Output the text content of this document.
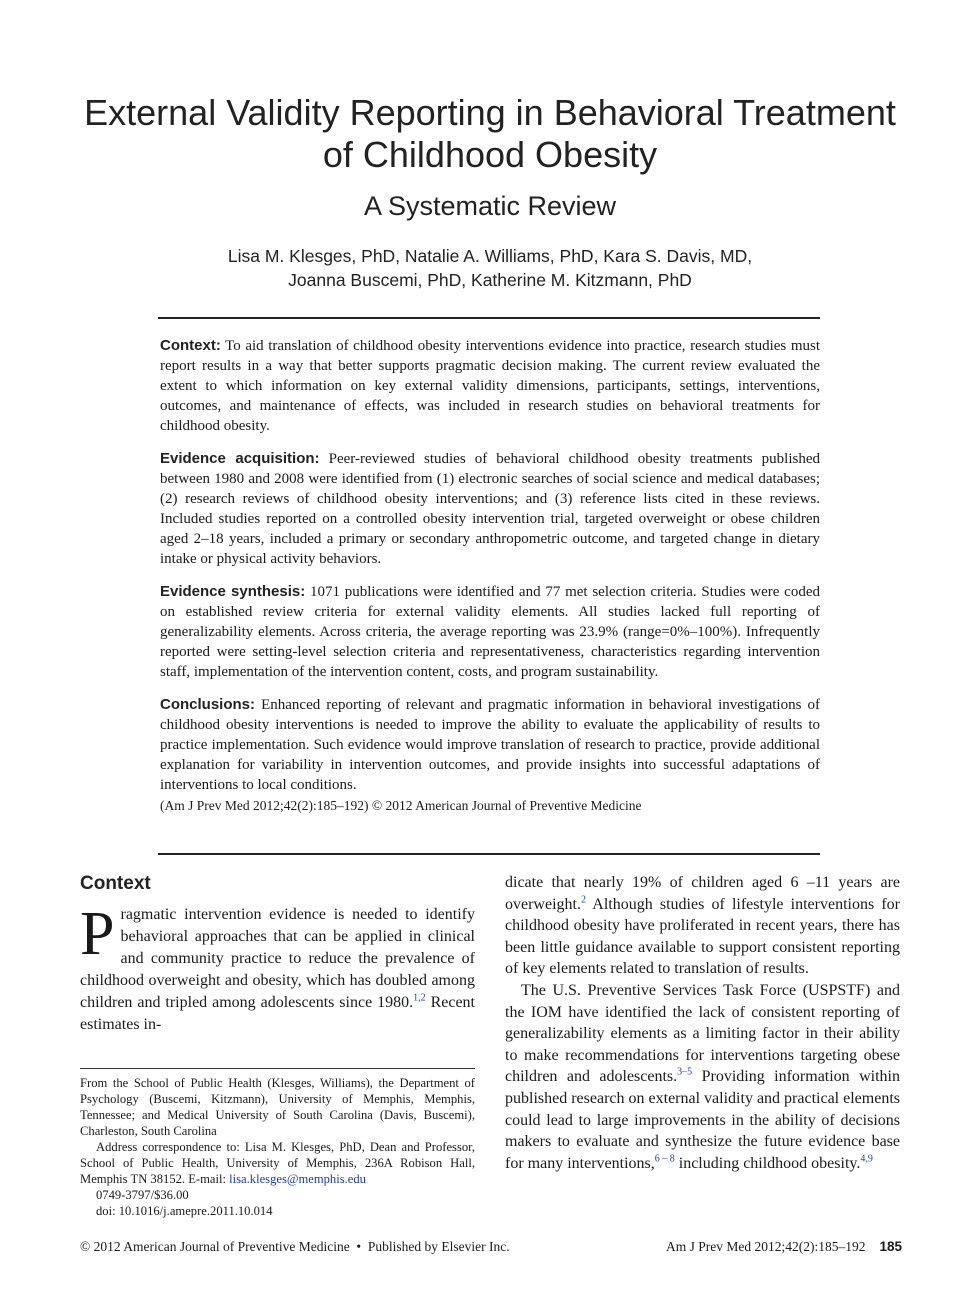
External Validity Reporting in Behavioral Treatment of Childhood Obesity
A Systematic Review
Lisa M. Klesges, PhD, Natalie A. Williams, PhD, Kara S. Davis, MD,
Joanna Buscemi, PhD, Katherine M. Kitzmann, PhD

Context: To aid translation of childhood obesity interventions evidence into practice, research studies must report results in a way that better supports pragmatic decision making. The current review evaluated the extent to which information on key external validity dimensions, participants, settings, interventions, outcomes, and maintenance of effects, was included in research studies on behavioral treatments for childhood obesity.

Evidence acquisition: Peer-reviewed studies of behavioral childhood obesity treatments published between 1980 and 2008 were identified from (1) electronic searches of social science and medical databases; (2) research reviews of childhood obesity interventions; and (3) reference lists cited in these reviews. Included studies reported on a controlled obesity intervention trial, targeted overweight or obese children aged 2–18 years, included a primary or secondary anthropometric outcome, and targeted change in dietary intake or physical activity behaviors.

Evidence synthesis: 1071 publications were identified and 77 met selection criteria. Studies were coded on established review criteria for external validity elements. All studies lacked full reporting of generalizability elements. Across criteria, the average reporting was 23.9% (range=0%–100%). Infrequently reported were setting-level selection criteria and representativeness, characteristics regarding intervention staff, implementation of the intervention content, costs, and program sustainability.

Conclusions: Enhanced reporting of relevant and pragmatic information in behavioral investigations of childhood obesity interventions is needed to improve the ability to evaluate the applicability of results to practice implementation. Such evidence would improve translation of research to practice, provide additional explanation for variability in intervention outcomes, and provide insights into successful adaptations of interventions to local conditions.

(Am J Prev Med 2012;42(2):185–192) © 2012 American Journal of Preventive Medicine
Context

Pragmatic intervention evidence is needed to identify behavioral approaches that can be applied in clinical and community practice to reduce the prevalence of childhood overweight and obesity, which has doubled among children and tripled among adolescents since 1980.$^{1,2}$ Recent estimates in-

From the School of Public Health (Klesges, Williams), the Department of Psychology (Buscemi, Kitzmann), University of Memphis, Memphis, Tennessee; and Medical University of South Carolina (Davis, Buscemi), Charleston, South Carolina

Address correspondence to: Lisa M. Klesges, PhD, Dean and Professor, School of Public Health, University of Memphis, 236A Robison Hall, Memphis TN 38152. E-mail: lisa.klesges@memphis.edu

0749-3797/$36.00

doi: 10.1016/j.amepre.2011.10.014

dicate that nearly 19% of children aged 6 –11 years are overweight.$^2$ Although studies of lifestyle interventions for childhood obesity have proliferated in recent years, there has been little guidance available to support consistent reporting of key elements related to translation of results.

The U.S. Preventive Services Task Force (USPSTF) and the IOM have identified the lack of consistent reporting of generalizability elements as a limiting factor in their ability to make recommendations for interventions targeting obese children and adolescents.$^{3-5}$ Providing information within published research on external validity and practical elements could lead to large improvements in the ability of decisions makers to evaluate and synthesize the future evidence base for many interventions,$^{6 - 8}$ including childhood obesity.$^{4,9}$

© 2012 American Journal of Preventive Medicine  •  Published by Elsevier Inc.	Am J Prev Med 2012;42(2):185–192 185
